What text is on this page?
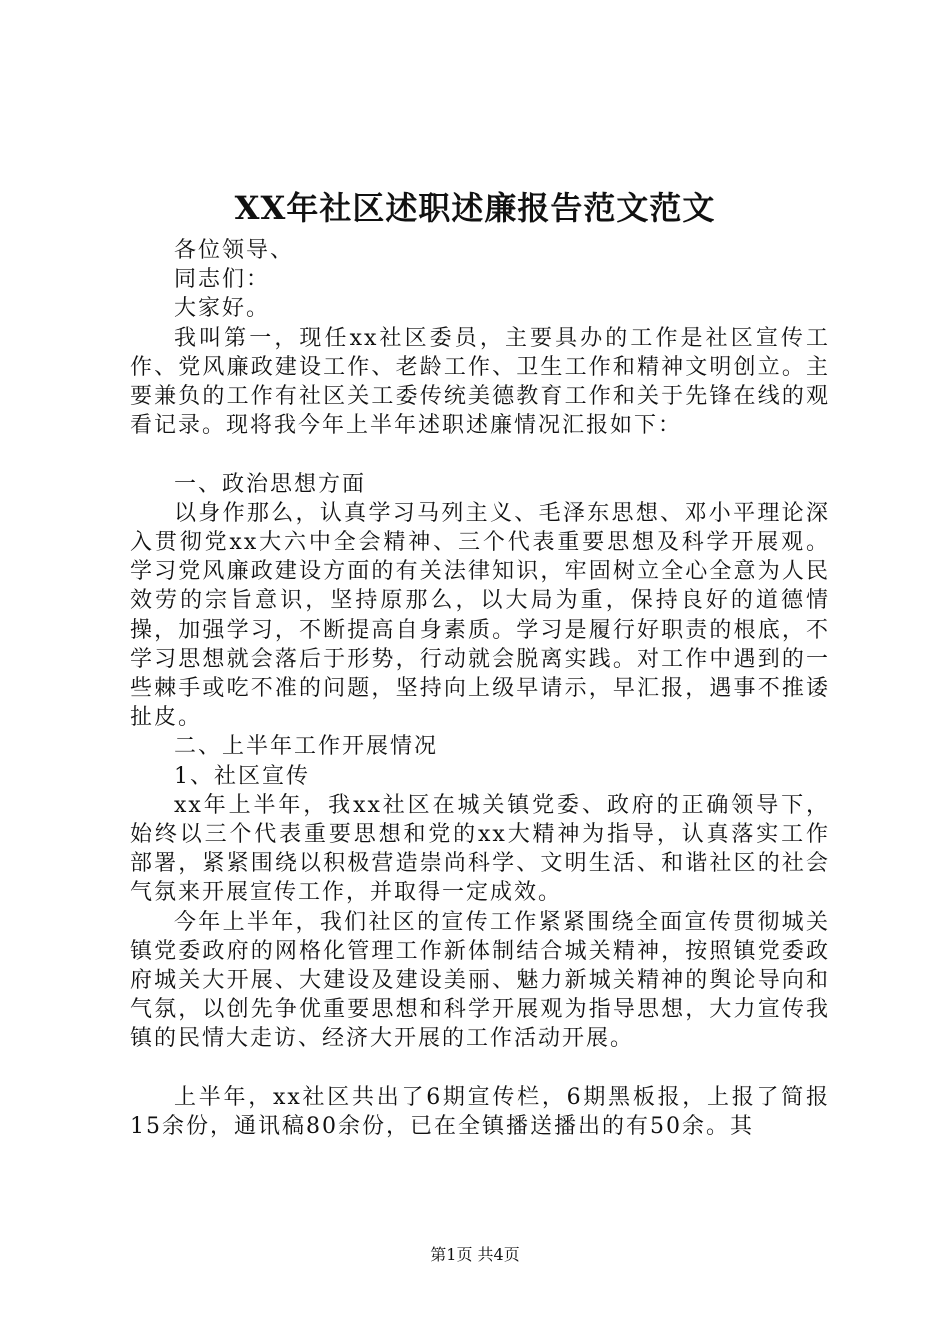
XX年社区述职述廉报告范文范文

各位领导、

同志们：

大家好。

我叫第一，现任xx社区委员，主要具办的工作是社区宣传工作、党风廉政建设工作、老龄工作、卫生工作和精神文明创立。主要兼负的工作有社区关工委传统美德教育工作和关于先锋在线的观看记录。现将我今年上半年述职述廉情况汇报如下：

一、政治思想方面

以身作那么，认真学习马列主义、毛泽东思想、邓小平理论深入贯彻党xx大六中全会精神、三个代表重要思想及科学开展观。学习党风廉政建设方面的有关法律知识，牢固树立全心全意为人民效劳的宗旨意识，坚持原那么，以大局为重，保持良好的道德情操，加强学习，不断提高自身素质。学习是履行好职责的根底，不学习思想就会落后于形势，行动就会脱离实践。对工作中遇到的一些棘手或吃不准的问题，坚持向上级早请示，早汇报，遇事不推诿扯皮。

二、上半年工作开展情况

1、社区宣传

xx年上半年，我xx社区在城关镇党委、政府的正确领导下，始终以三个代表重要思想和党的xx大精神为指导，认真落实工作部署，紧紧围绕以积极营造崇尚科学、文明生活、和谐社区的社会气氛来开展宣传工作，并取得一定成效。

今年上半年，我们社区的宣传工作紧紧围绕全面宣传贯彻城关镇党委政府的网格化管理工作新体制结合城关精神，按照镇党委政府城关大开展、大建设及建设美丽、魅力新城关精神的舆论导向和气氛，以创先争优重要思想和科学开展观为指导思想，大力宣传我镇的民情大走访、经济大开展的工作活动开展。

上半年，xx社区共出了6期宣传栏，6期黑板报，上报了简报15余份，通讯稿80余份，已在全镇播送播出的有50余。其

第1页 共4页
